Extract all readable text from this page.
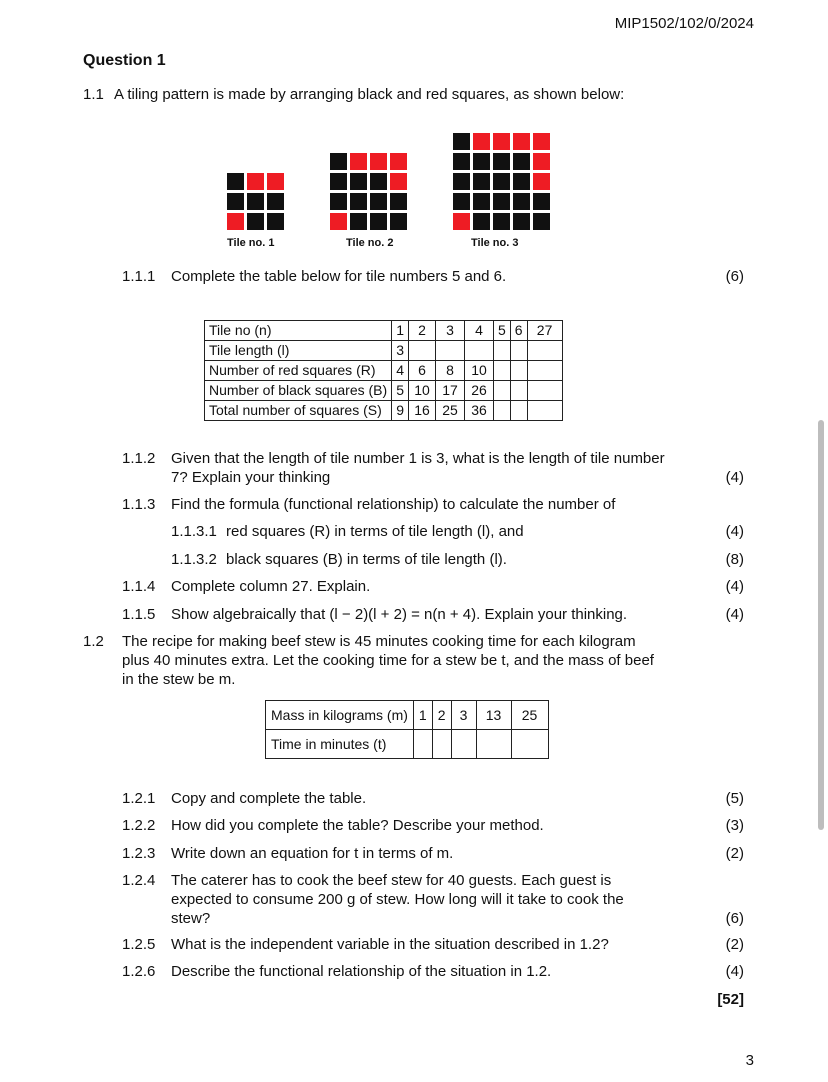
MIP1502/102/0/2024
Question 1
1.1 A tiling pattern is made by arranging black and red squares, as shown below:
Tile no. 1	Tile no. 2	Tile no. 3
1.1.1 Complete the table below for tile numbers 5 and 6.	(6)
Tile no (n)	1	2	3	4	5	6	27
Tile length (l)	3						
Number of red squares (R)	4	6	8	10			
Number of black squares (B)	5	10	17	26			
Total number of squares (S)	9	16	25	36			
1.1.2 Given that the length of tile number 1 is 3, what is the length of tile number
7? Explain your thinking	(4)
1.1.3 Find the formula (functional relationship) to calculate the number of
1.1.3.1 red squares (R) in terms of tile length (l), and	(4)
1.1.3.2 black squares (B) in terms of tile length (l).	(8)
1.1.4 Complete column 27. Explain.	(4)
1.1.5 Show algebraically that (l − 2)(l + 2) = n(n + 4). Explain your thinking.	(4)
1.2 The recipe for making beef stew is 45 minutes cooking time for each kilogram
plus 40 minutes extra. Let the cooking time for a stew be t, and the mass of beef
in the stew be m.
Mass in kilograms (m)	1	2	3	13	25
Time in minutes (t)					
1.2.1 Copy and complete the table.	(5)
1.2.2 How did you complete the table? Describe your method.	(3)
1.2.3 Write down an equation for t in terms of m.	(2)
1.2.4 The caterer has to cook the beef stew for 40 guests. Each guest is
expected to consume 200 g of stew. How long will it take to cook the
stew?	(6)
1.2.5 What is the independent variable in the situation described in 1.2?	(2)
1.2.6 Describe the functional relationship of the situation in 1.2.	(4)
[52]
3
